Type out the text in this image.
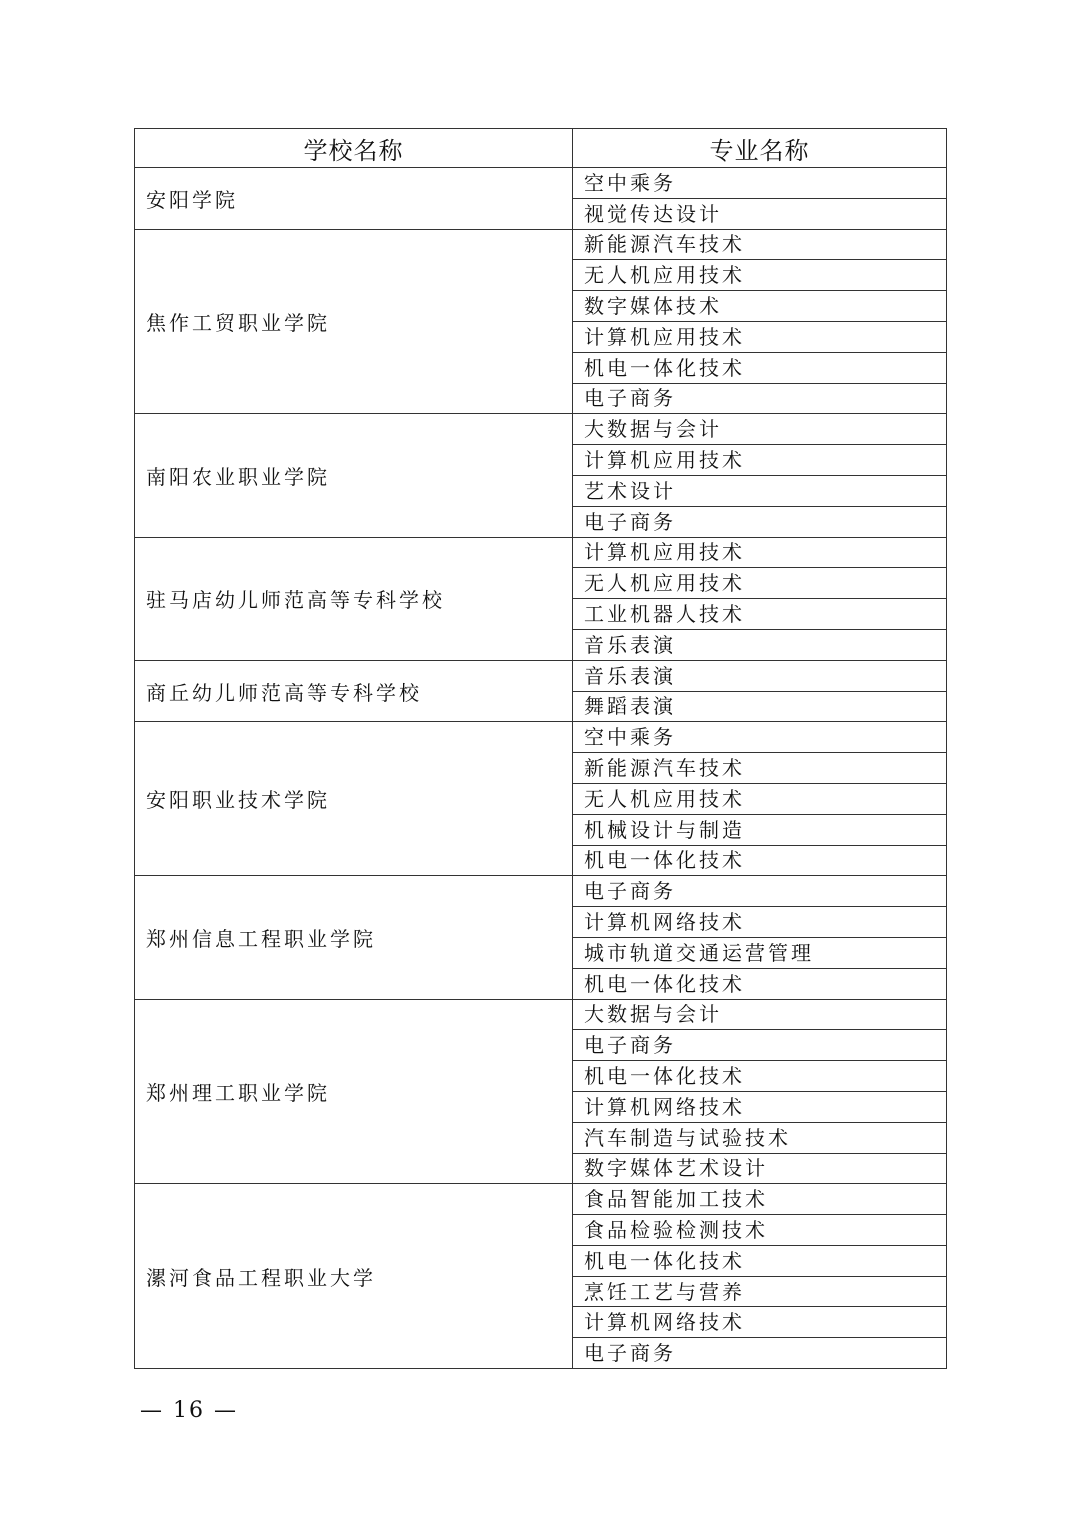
学校名称	专业名称
安阳学院	空中乘务
	视觉传达设计
焦作工贸职业学院	新能源汽车技术
	无人机应用技术
	数字媒体技术
	计算机应用技术
	机电一体化技术
	电子商务
南阳农业职业学院	大数据与会计
	计算机应用技术
	艺术设计
	电子商务
驻马店幼儿师范高等专科学校	计算机应用技术
	无人机应用技术
	工业机器人技术
	音乐表演
商丘幼儿师范高等专科学校	音乐表演
	舞蹈表演
安阳职业技术学院	空中乘务
	新能源汽车技术
	无人机应用技术
	机械设计与制造
	机电一体化技术
郑州信息工程职业学院	电子商务
	计算机网络技术
	城市轨道交通运营管理
	机电一体化技术
郑州理工职业学院	大数据与会计
	电子商务
	机电一体化技术
	计算机网络技术
	汽车制造与试验技术
	数字媒体艺术设计
漯河食品工程职业大学	食品智能加工技术
	食品检验检测技术
	机电一体化技术
	烹饪工艺与营养
	计算机网络技术
	电子商务
— 16 —
